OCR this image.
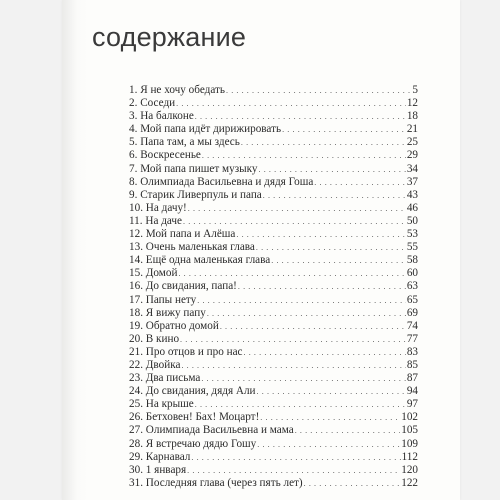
содержание
1. Я не хочу обедать . . .	5
2. Соседи . . .	12
3. На балконе . . .	18
4. Мой папа идёт дирижировать . . .	21
5. Папа там, а мы здесь . . .	25
6. Воскресенье . . .	29
7. Мой папа пишет музыку . . .	34
8. Олимпиада Васильевна и дядя Гоша . . .	37
9. Старик Ливерпуль и папа . . .	43
10. На дачу! . . .	46
11. На даче . . .	50
12. Мой папа и Алёша . . .	53
13. Очень маленькая глава . . .	55
14. Ещё одна маленькая глава . . .	58
15. Домой . . .	60
16. До свидания, папа! . . .	63
17. Папы нету . . .	65
18. Я вижу папу . . .	69
19. Обратно домой . . .	74
20. В кино . . .	77
21. Про отцов и про нас . . .	83
22. Двойка . . .	85
23. Два письма . . .	87
24. До свидания, дядя Али . . .	94
25. На крыше . . .	97
26. Бетховен! Бах! Моцарт! . . .	102
27. Олимпиада Васильевна и мама . . .	105
28. Я встречаю дядю Гошу . . .	109
29. Карнавал . . .	112
30. 1 января . . .	120
31. Последняя глава (через пять лет) . . .	122
